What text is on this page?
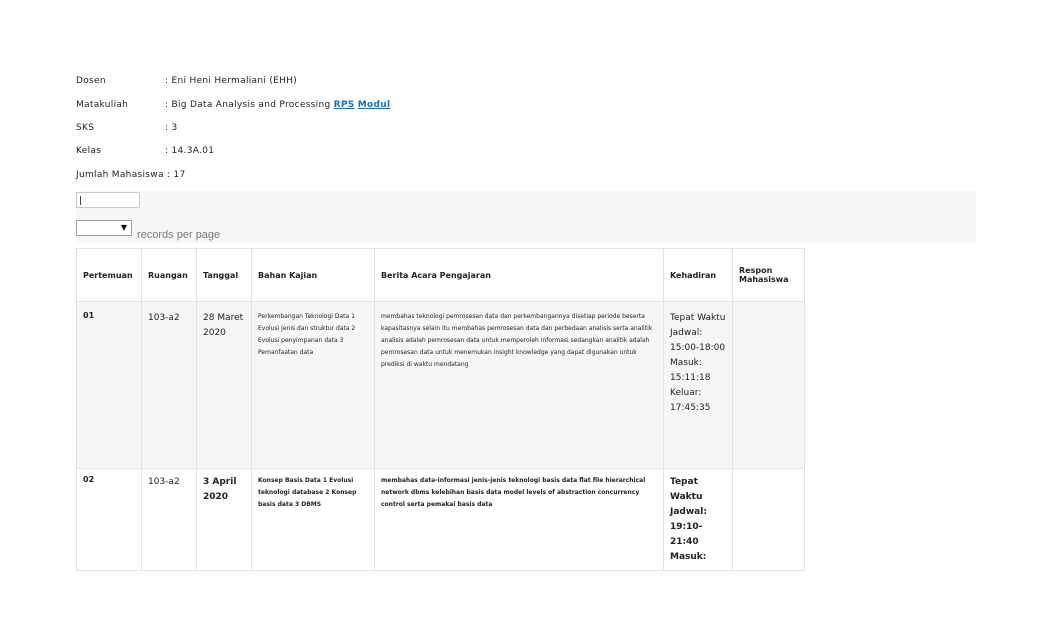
Dosen	: Eni Heni Hermaliani (EHH)
Matakuliah	: Big Data Analysis and Processing RPS Modul
SKS	: 3
Kelas	: 14.3A.01
Jumlah Mahasiswa : 17
▼
records per page
Pertemuan	Ruangan	Tanggal	Bahan Kajian	Berita Acara Pengajaran	Kehadiran	Respon Mahasiswa
01	103-a2	28 Maret 2020	Perkembangan Teknologi Data 1 Evolusi jenis dan struktur data 2 Evolusi penyimpanan data 3 Pemanfaatan data	membahas teknologi pemrosesan data dan perkembangannya disetiap periode beserta kapasitasnya selain itu membahas pemrosesan data dan perbedaan analisis serta analitik analisis adalah pemrosesan data untuk memperoleh informasi sedangkan analitik adalah pemrosesan data untuk menemukan insight knowledge yang dapat digunakan untuk prediksi di waktu mendatang	Tepat Waktu Jadwal: 15:00-18:00 Masuk: 15:11:18 Keluar: 17:45:35	
02	103-a2	3 April 2020	Konsep Basis Data 1 Evolusi teknologi database 2 Konsep basis data 3 DBMS	membahas data-informasi jenis-jenis teknologi basis data flat file hierarchical network dbms kelebihan basis data model levels of abstraction concurrency control serta pemakai basis data	Tepat Waktu Jadwal: 19:10-21:40 Masuk:	
